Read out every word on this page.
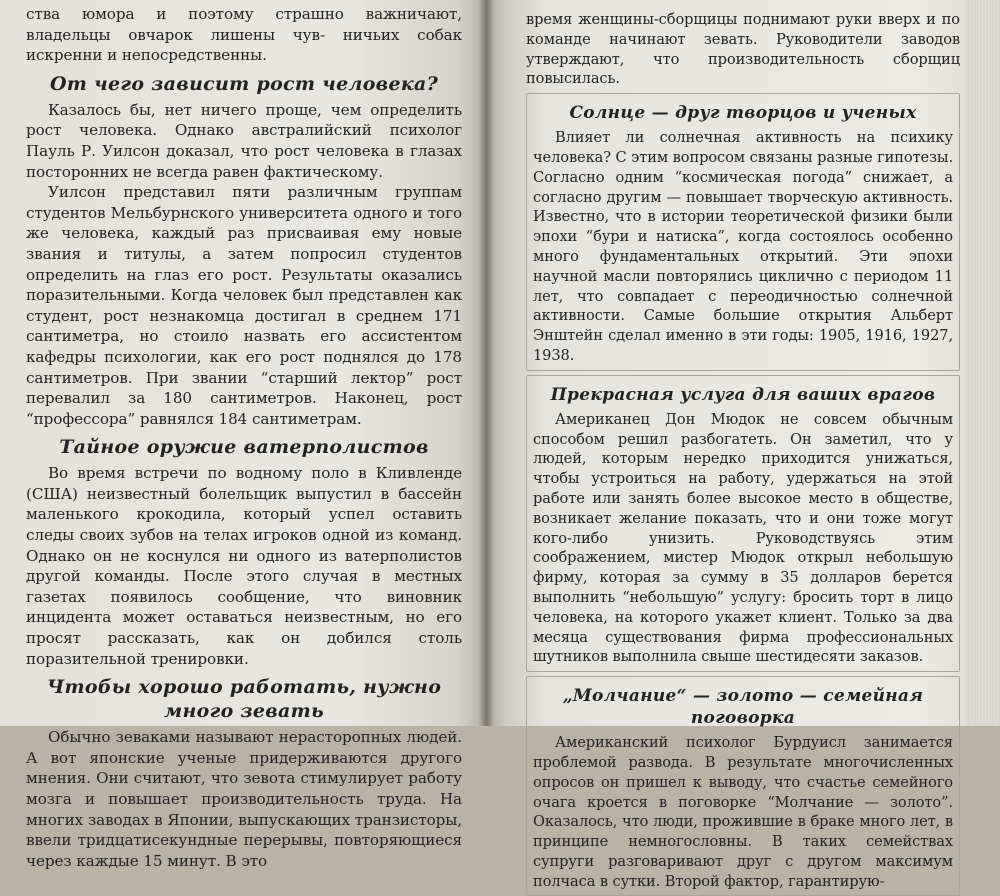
ства юмора и поэтому страшно важничают, владельцы овчарок лишены чув- ничьих собак искренни и непосредственны.

От чего зависит рост человека?

Казалось бы, нет ничего проще, чем определить рост человека. Однако австралийский психолог Пауль Р. Уилсон доказал, что рост человека в глазах посторонних не всегда равен фактическому.

Уилсон представил пяти различным группам студентов Мельбурнского университета одного и того же человека, каждый раз присваивая ему новые звания и титулы, а затем попросил студентов определить на глаз его рост. Результаты оказались поразительными. Когда человек был представлен как студент, рост незнакомца достигал в среднем 171 сантиметра, но стоило назвать его ассистентом кафедры психологии, как его рост поднялся до 178 сантиметров. При звании “старший лектор” рост перевалил за 180 сантиметров. Наконец, рост “профессора” равнялся 184 сантиметрам.

Тайное оружие ватерполистов

Во время встречи по водному поло в Кливленде (США) неизвестный болельщик выпустил в бассейн маленького крокодила, который успел оставить следы своих зубов на телах игроков одной из команд. Однако он не коснулся ни одного из ватерполистов другой команды. После этого случая в местных газетах появилось сообщение, что виновник инцидента может оставаться неизвестным, но его просят рассказать, как он добился столь поразительной тренировки.

Чтобы хорошо работать, нужно много зевать

Обычно зеваками называют нерасторопных людей. А вот японские ученые придерживаются другого мнения. Они считают, что зевота стимулирует работу мозга и повышает производительность труда. На многих заводах в Японии, выпускающих транзисторы, ввели тридцатисекундные перерывы, повторяющиеся через каждые 15 минут. В это

время женщины-сборщицы поднимают руки вверх и по команде начинают зевать. Руководители заводов утверждают, что производительность сборщиц повысилась.

Солнце — друг творцов и ученых

Влияет ли солнечная активность на психику человека? С этим вопросом связаны разные гипотезы. Согласно одним “космическая погода” снижает, а согласно другим — повышает творческую активность. Известно, что в истории теоретической физики были эпохи “бури и натиска”, когда состоялось особенно много фундаментальных открытий. Эти эпохи научной масли повторялись циклично с периодом 11 лет, что совпадает с переодичностью солнечной активности. Самые большие открытия Альберт Энштейн сделал именно в эти годы: 1905, 1916, 1927, 1938.

Прекрасная услуга для ваших врагов

Американец Дон Мюдок не совсем обычным способом решил разбогатеть. Он заметил, что у людей, которым нередко приходится унижаться, чтобы устроиться на работу, удержаться на этой работе или занять более высокое место в обществе, возникает желание показать, что и они тоже могут кого-либо унизить. Руководствуясь этим соображением, мистер Мюдок открыл небольшую фирму, которая за сумму в 35 долларов берется выполнить “небольшую” услугу: бросить торт в лицо человека, на которого укажет клиент. Только за два месяца существования фирма профессиональных шутников выполнила свыше шестидесяти заказов.

„Молчание“ — золото — семейная поговорка

Американский психолог Бурдуисл занимается проблемой развода. В результате многочисленных опросов он пришел к выводу, что счастье семейного очага кроется в поговорке “Молчание — золото”. Оказалось, что люди, прожившие в браке много лет, в принципе немногословны. В таких семействах супруги разговаривают друг с другом максимум полчаса в сутки. Второй фактор, гарантирую-
